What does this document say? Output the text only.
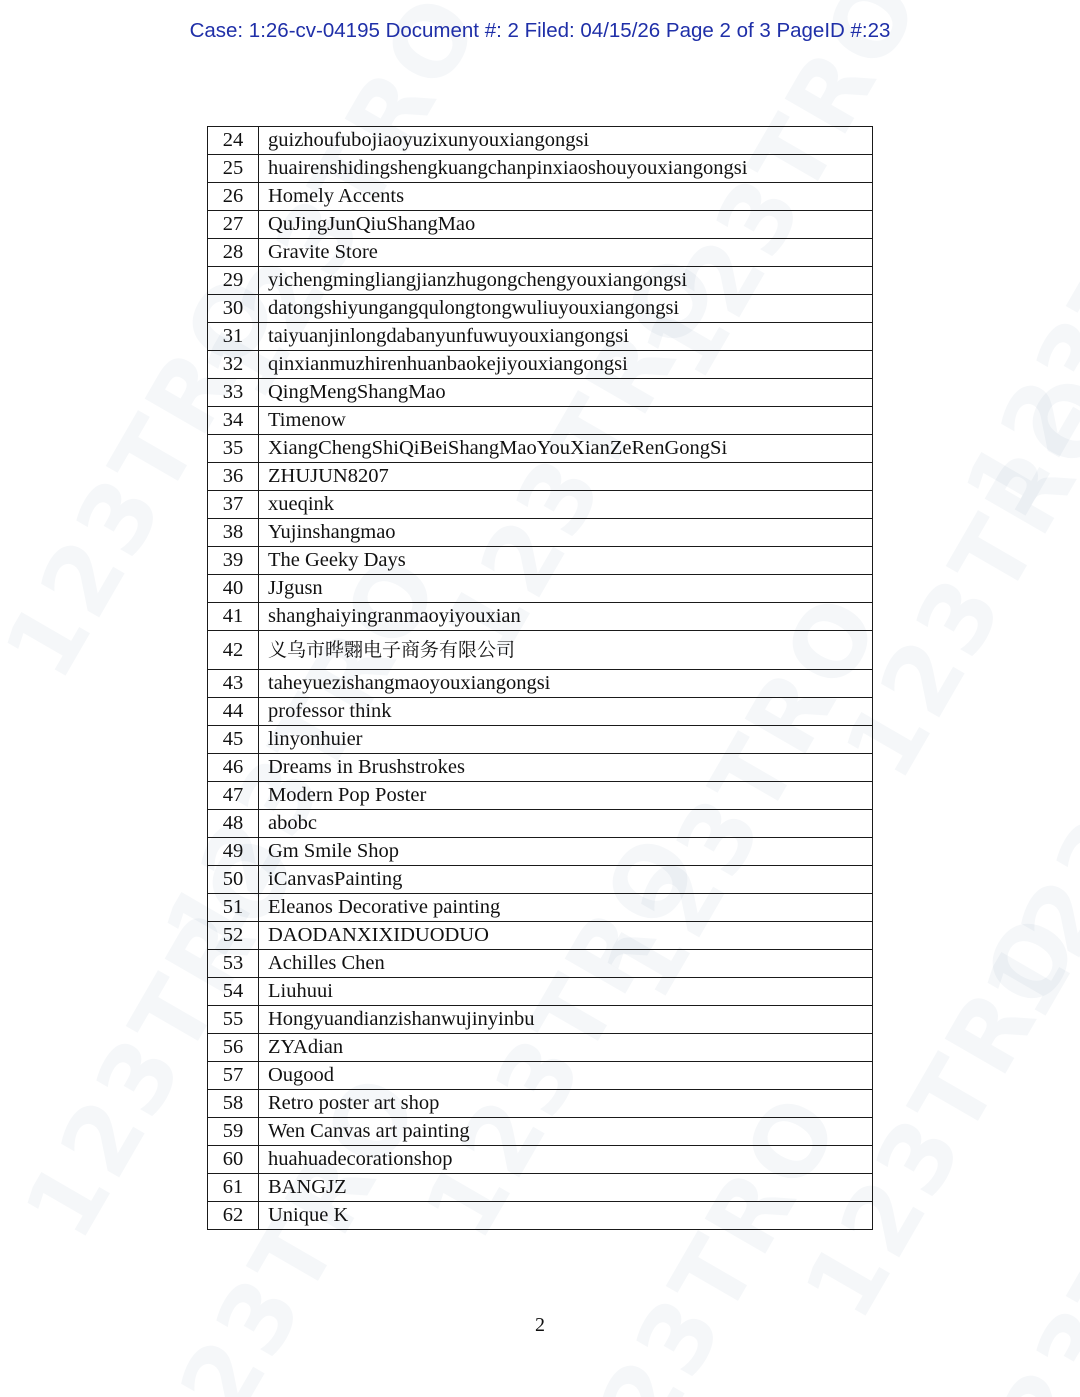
Case: 1:26-cv-04195 Document #: 2 Filed: 04/15/26 Page 2 of 3 PageID #:23
24	guizhoufubojiaoyuzixunyouxiangongsi
25	huairenshidingshengkuangchanpinxiaoshouyouxiangongsi
26	Homely Accents
27	QuJingJunQiuShangMao
28	Gravite Store
29	yichengmingliangjianzhugongchengyouxiangongsi
30	datongshiyungangqulongtongwuliuyouxiangongsi
31	taiyuanjinlongdabanyunfuwuyouxiangongsi
32	qinxianmuzhirenhuanbaokejiyouxiangongsi
33	QingMengShangMao
34	Timenow
35	XiangChengShiQiBeiShangMaoYouXianZeRenGongSi
36	ZHUJUN8207
37	xueqink
38	Yujinshangmao
39	The Geeky Days
40	JJgusn
41	shanghaiyingranmaoyiyouxian
42	义乌市晔翾电子商务有限公司
43	taheyuezishangmaoyouxiangongsi
44	professor think
45	linyonhuier
46	Dreams in Brushstrokes
47	Modern Pop Poster
48	abobc
49	Gm Smile Shop
50	iCanvasPainting
51	Eleanos Decorative painting
52	DAODANXIXIDUODUO
53	Achilles Chen
54	Liuhuui
55	Hongyuandianzishanwujinyinbu
56	ZYAdian
57	Ougood
58	Retro poster art shop
59	Wen Canvas art painting
60	huahuadecorationshop
61	BANGJZ
62	Unique K
2
